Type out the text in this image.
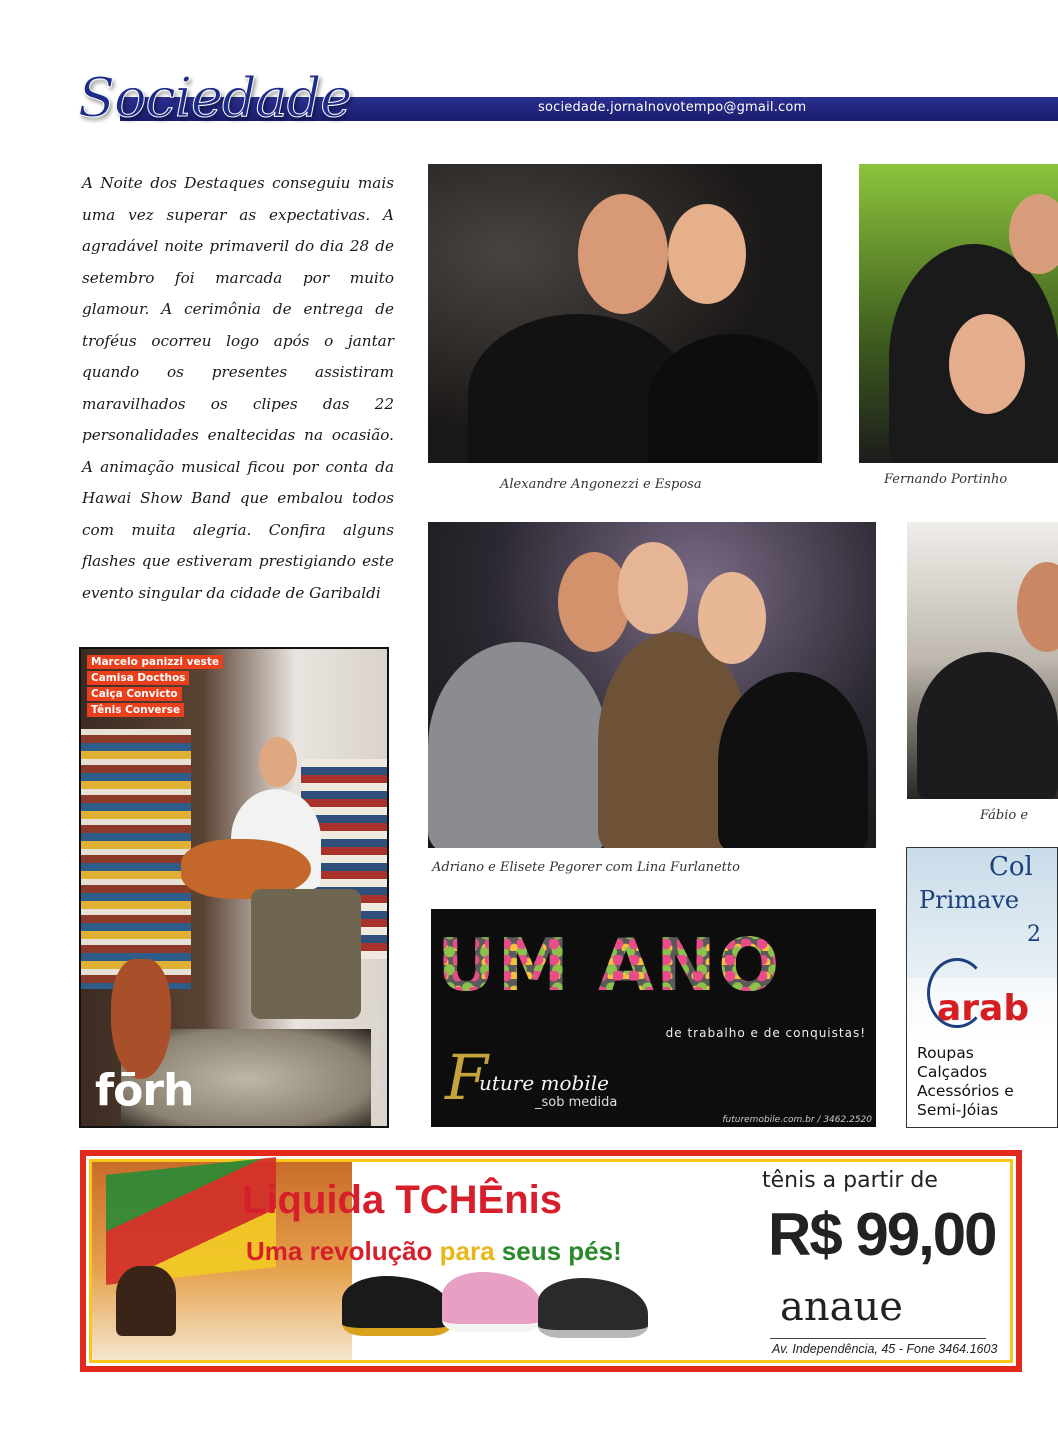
Sociedade	sociedade.jornalnovotempo@gmail.com

A Noite dos Destaques conseguiu mais uma vez superar as expectativas. A agradável noite primaveril do dia 28 de setembro foi marcada por muito glamour. A cerimônia de entrega de troféus ocorreu logo após o jantar quando os presentes assistiram maravilhados os clipes das 22 personalidades enaltecidas na ocasião. A animação musical ficou por conta da Hawai Show Band que embalou todos com muita alegria. Confira alguns flashes que estiveram prestigiando este evento singular da cidade de Garibaldi

Alexandre Angonezzi e Esposa	Fernando Portinho
Adriano e Elisete Pegorer com Lina Furlanetto
Fábio e
Marcelo panizzi veste
Camisa Docthos
Calça Convicto
Tênis Converse
fōrh	Foto: Vicente Silveira
UM ANO
de trabalho e de conquistas!
F
uture mobile
_sob medida
futuremobile.com.br / 3462.2520
Col
Primave
2
arab
Roupas
Calçados
Acessórios e
Semi-Jóias
Liquida TCHÊnis
Uma revolução para seus pés!
tênis a partir de
R$ 99,00
anaue
Av. Independência, 45 - Fone 3464.1603
